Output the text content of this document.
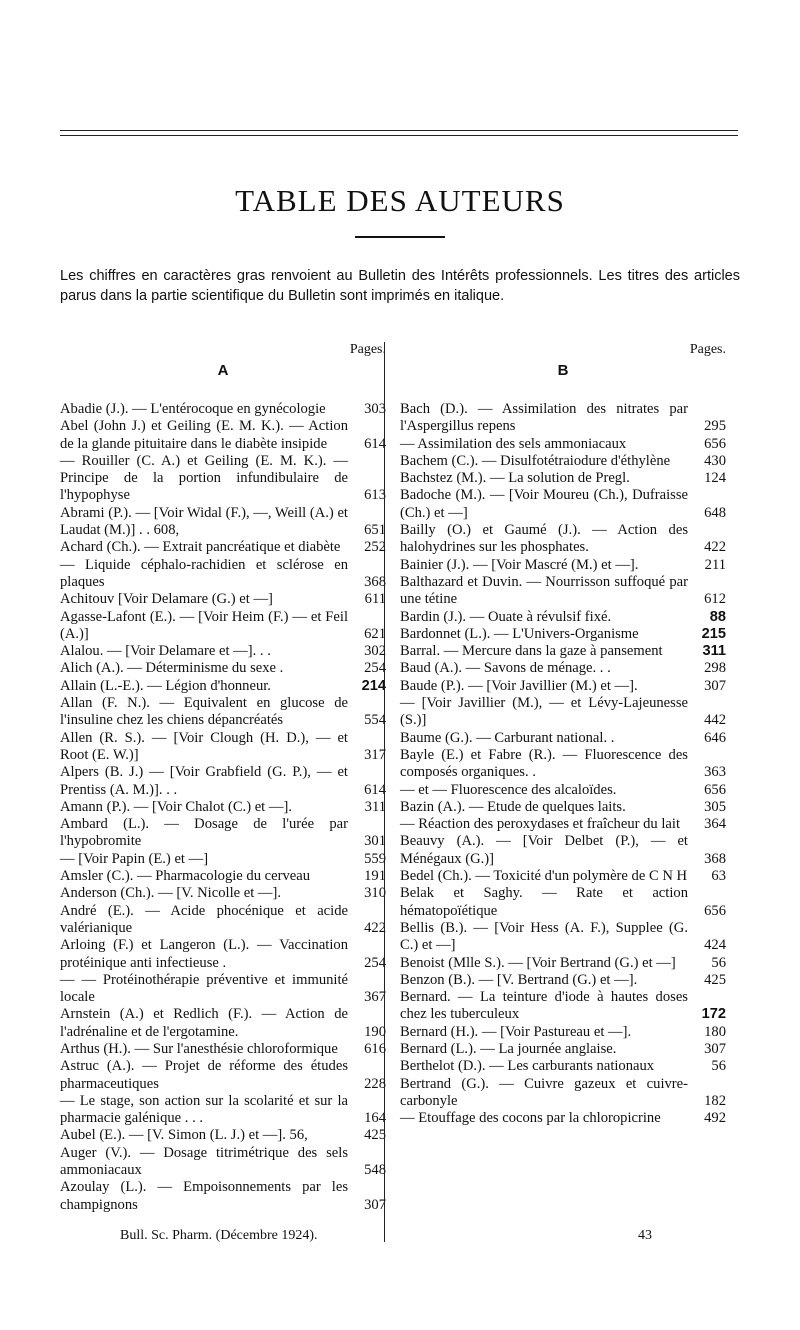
TABLE DES AUTEURS
Les chiffres en caractères gras renvoient au Bulletin des Intérêts professionnels. Les titres des articles parus dans la partie scientifique du Bulletin sont imprimés en italique.
Pages.
A
Abadie (J.). — L'entérocoque en gynécologie	303
Abel (John J.) et Geiling (E. M. K.). — Action de la glande pituitaire dans le diabète insipide	614
— Rouiller (C. A.) et Geiling (E. M. K.). — Principe de la portion infundibulaire de l'hypophyse	613
Abrami (P.). — [Voir Widal (F.), —, Weill (A.) et Laudat (M.)] . . 608,	651
Achard (Ch.). — Extrait pancréatique et diabète	252
— Liquide céphalo-rachidien et sclérose en plaques	368
Achitouv [Voir Delamare (G.) et —]	611
Agasse-Lafont (E.). — [Voir Heim (F.) — et Feil (A.)]	621
Alalou. — [Voir Delamare et —]. . .	302
Alich (A.). — Déterminisme du sexe .	254
Allain (L.-E.). — Légion d'honneur.	214
Allan (F. N.). — Equivalent en glucose de l'insuline chez les chiens dépancréatés	554
Allen (R. S.). — [Voir Clough (H. D.), — et Root (E. W.)]	317
Alpers (B. J.) — [Voir Grabfield (G. P.), — et Prentiss (A. M.)]. . .	614
Amann (P.). — [Voir Chalot (C.) et —].	311
Ambard (L.). — Dosage de l'urée par l'hypobromite	301
— [Voir Papin (E.) et —]	559
Amsler (C.). — Pharmacologie du cerveau	191
Anderson (Ch.). — [V. Nicolle et —].	310
André (E.). — Acide phocénique et acide valérianique	422
Arloing (F.) et Langeron (L.). — Vaccination protéinique anti infectieuse .	254
— — Protéinothérapie préventive et immunité locale	367
Arnstein (A.) et Redlich (F.). — Action de l'adrénaline et de l'ergotamine.	190
Arthus (H.). — Sur l'anesthésie chloroformique	616
Astruc (A.). — Projet de réforme des études pharmaceutiques	228
— Le stage, son action sur la scolarité et sur la pharmacie galénique . . .	164
Aubel (E.). — [V. Simon (L. J.) et —]. 56,	425
Auger (V.). — Dosage titrimétrique des sels ammoniacaux	548
Azoulay (L.). — Empoisonnements par les champignons	307
Pages.
B
Bach (D.). — Assimilation des nitrates par l'Aspergillus repens	295
— Assimilation des sels ammoniacaux	656
Bachem (C.). — Disulfotétraiodure d'éthylène	430
Bachstez (M.). — La solution de Pregl.	124
Badoche (M.). — [Voir Moureu (Ch.), Dufraisse (Ch.) et —]	648
Bailly (O.) et Gaumé (J.). — Action des halohydrines sur les phosphates.	422
Bainier (J.). — [Voir Mascré (M.) et —].	211
Balthazard et Duvin. — Nourrisson suffoqué par une tétine	612
Bardin (J.). — Ouate à révulsif fixé.	88
Bardonnet (L.). — L'Univers-Organisme	215
Barral. — Mercure dans la gaze à pansement	311
Baud (A.). — Savons de ménage. . .	298
Baude (P.). — [Voir Javillier (M.) et —].	307
— [Voir Javillier (M.), — et Lévy-Lajeunesse (S.)]	442
Baume (G.). — Carburant national. .	646
Bayle (E.) et Fabre (R.). — Fluorescence des composés organiques. .	363
— et — Fluorescence des alcaloïdes.	656
Bazin (A.). — Etude de quelques laits.	305
— Réaction des peroxydases et fraîcheur du lait	364
Beauvy (A.). — [Voir Delbet (P.), — et Ménégaux (G.)]	368
Bedel (Ch.). — Toxicité d'un polymère de C N H	63
Belak et Saghy. — Rate et action hématopoïétique	656
Bellis (B.). — [Voir Hess (A. F.), Supplee (G. C.) et —]	424
Benoist (Mlle S.). — [Voir Bertrand (G.) et —]	56
Benzon (B.). — [V. Bertrand (G.) et —].	425
Bernard. — La teinture d'iode à hautes doses chez les tuberculeux	172
Bernard (H.). — [Voir Pastureau et —].	180
Bernard (L.). — La journée anglaise.	307
Berthelot (D.). — Les carburants nationaux	56
Bertrand (G.). — Cuivre gazeux et cuivre-carbonyle	182
— Etouffage des cocons par la chloropicrine	492
Bull. Sc. Pharm. (Décembre 1924).	43
